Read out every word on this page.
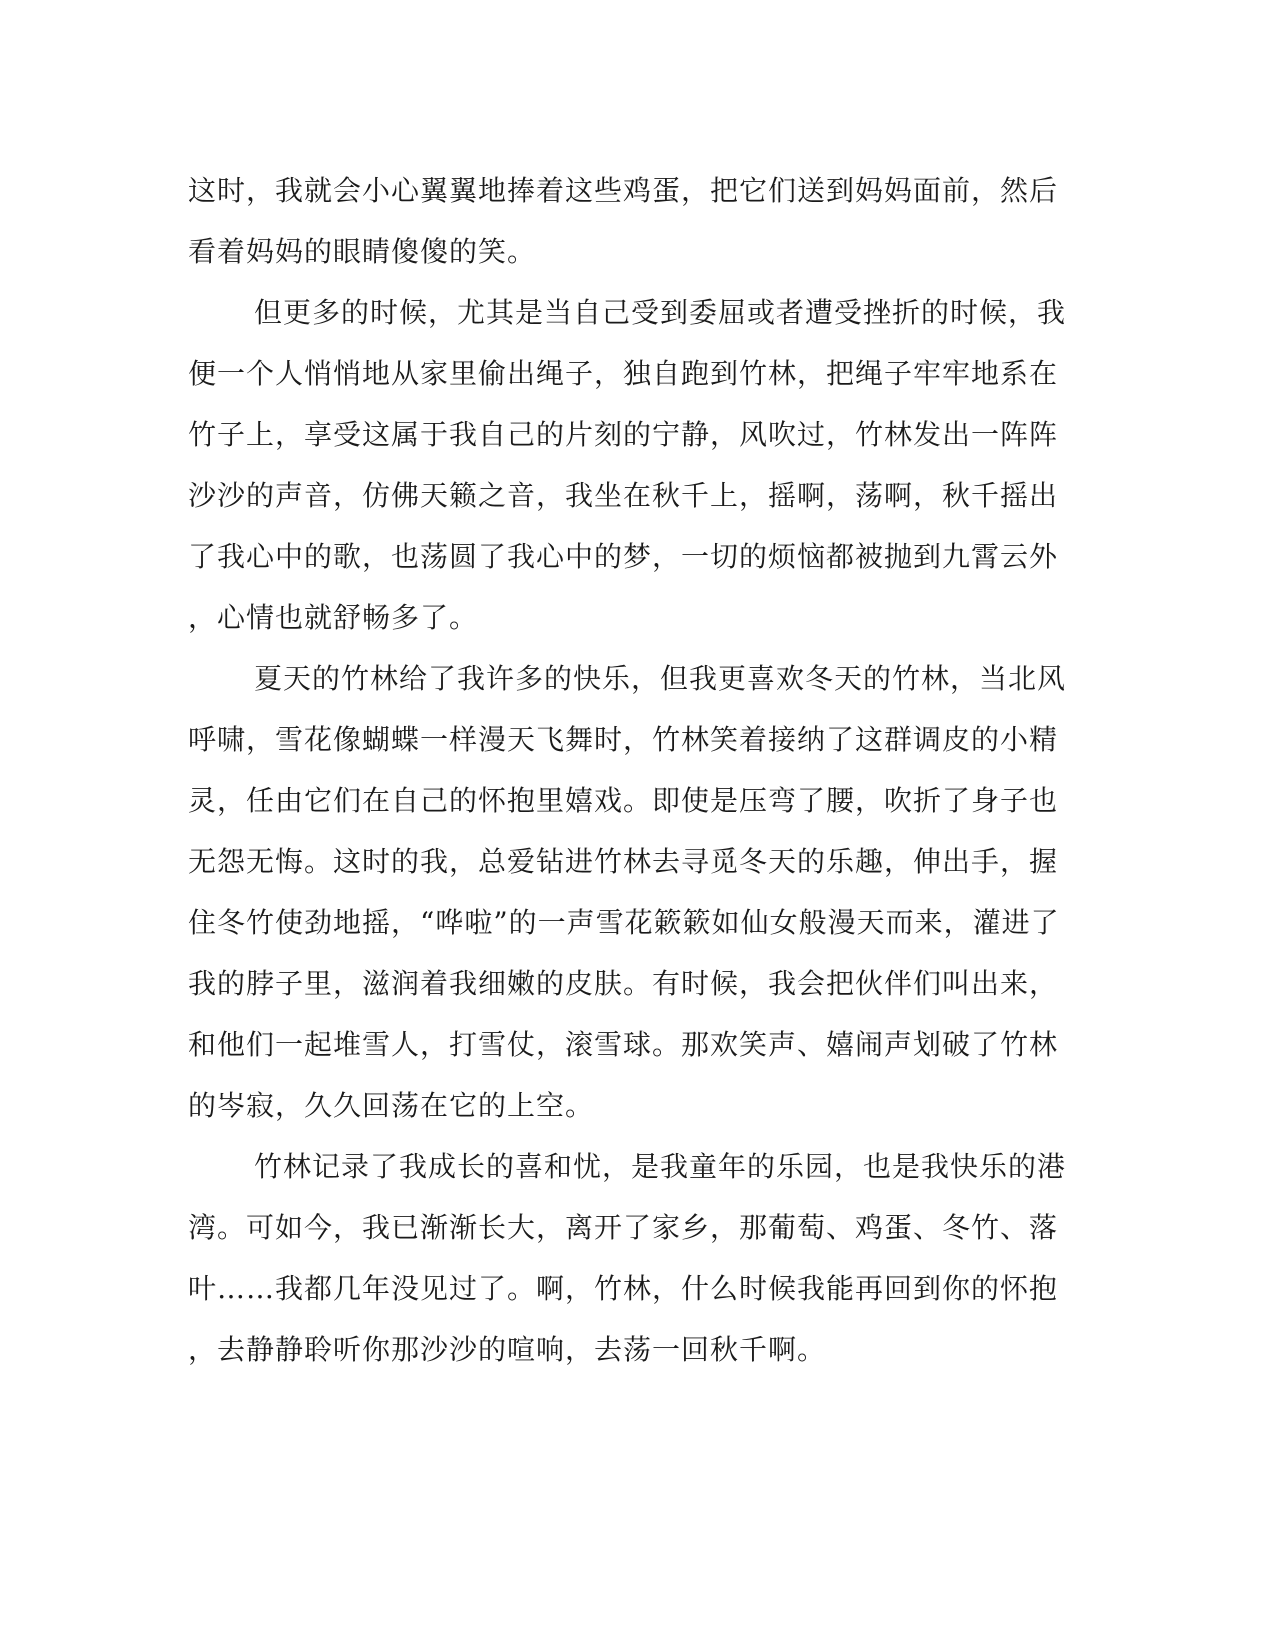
这时，我就会小心翼翼地捧着这些鸡蛋，把它们送到妈妈面前，然后
看着妈妈的眼睛傻傻的笑。
但更多的时候，尤其是当自己受到委屈或者遭受挫折的时候，我
便一个人悄悄地从家里偷出绳子，独自跑到竹林，把绳子牢牢地系在
竹子上，享受这属于我自己的片刻的宁静，风吹过，竹林发出一阵阵
沙沙的声音，仿佛天籁之音，我坐在秋千上，摇啊，荡啊，秋千摇出
了我心中的歌，也荡圆了我心中的梦，一切的烦恼都被抛到九霄云外
，心情也就舒畅多了。
夏天的竹林给了我许多的快乐，但我更喜欢冬天的竹林，当北风
呼啸，雪花像蝴蝶一样漫天飞舞时，竹林笑着接纳了这群调皮的小精
灵，任由它们在自己的怀抱里嬉戏。即使是压弯了腰，吹折了身子也
无怨无悔。这时的我，总爱钻进竹林去寻觅冬天的乐趣，伸出手，握
住冬竹使劲地摇，“哗啦”的一声雪花簌簌如仙女般漫天而来，灌进了
我的脖子里，滋润着我细嫩的皮肤。有时候，我会把伙伴们叫出来，
和他们一起堆雪人，打雪仗，滚雪球。那欢笑声、嬉闹声划破了竹林
的岑寂，久久回荡在它的上空。
竹林记录了我成长的喜和忧，是我童年的乐园，也是我快乐的港
湾。可如今，我已渐渐长大，离开了家乡，那葡萄、鸡蛋、冬竹、落
叶……我都几年没见过了。啊，竹林，什么时候我能再回到你的怀抱
，去静静聆听你那沙沙的喧响，去荡一回秋千啊。
